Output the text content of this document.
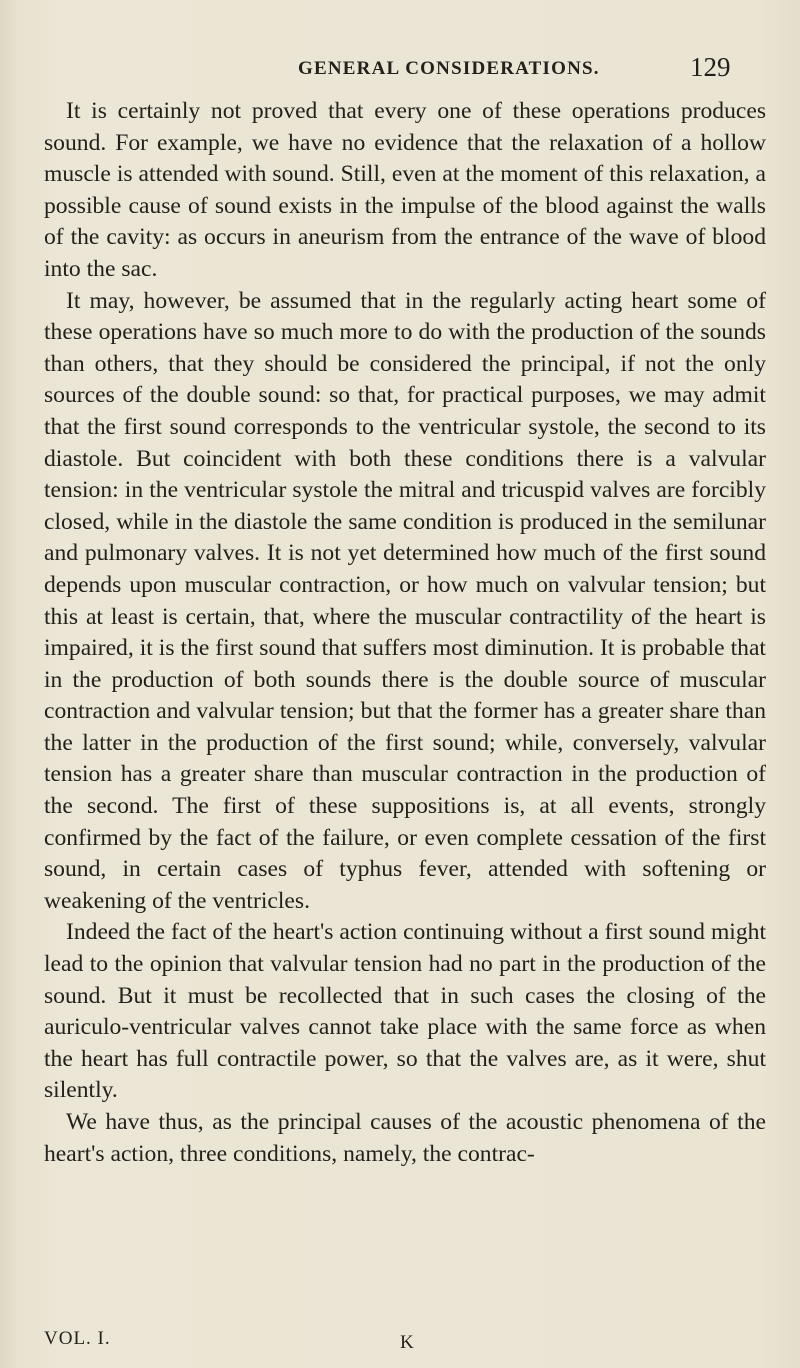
GENERAL CONSIDERATIONS.	129

It is certainly not proved that every one of these operations produces sound. For example, we have no evidence that the relaxation of a hollow muscle is attended with sound. Still, even at the moment of this relaxation, a possible cause of sound exists in the impulse of the blood against the walls of the cavity: as occurs in aneurism from the entrance of the wave of blood into the sac.

It may, however, be assumed that in the regularly acting heart some of these operations have so much more to do with the production of the sounds than others, that they should be considered the principal, if not the only sources of the double sound: so that, for practical purposes, we may admit that the first sound corresponds to the ventricular systole, the second to its diastole. But coincident with both these conditions there is a valvular tension: in the ventricular systole the mitral and tricuspid valves are forcibly closed, while in the diastole the same condition is produced in the semilunar and pulmonary valves. It is not yet determined how much of the first sound depends upon muscular contraction, or how much on valvular tension; but this at least is certain, that, where the muscular contractility of the heart is impaired, it is the first sound that suffers most diminution. It is probable that in the production of both sounds there is the double source of muscular contraction and valvular tension; but that the former has a greater share than the latter in the production of the first sound; while, conversely, valvular tension has a greater share than muscular contraction in the production of the second. The first of these suppositions is, at all events, strongly confirmed by the fact of the failure, or even complete cessation of the first sound, in certain cases of typhus fever, attended with softening or weakening of the ventricles.

Indeed the fact of the heart's action continuing without a first sound might lead to the opinion that valvular tension had no part in the production of the sound. But it must be recollected that in such cases the closing of the auriculo-ventricular valves cannot take place with the same force as when the heart has full contractile power, so that the valves are, as it were, shut silently.

We have thus, as the principal causes of the acoustic phenomena of the heart's action, three conditions, namely, the contrac-

VOL. I.	K
